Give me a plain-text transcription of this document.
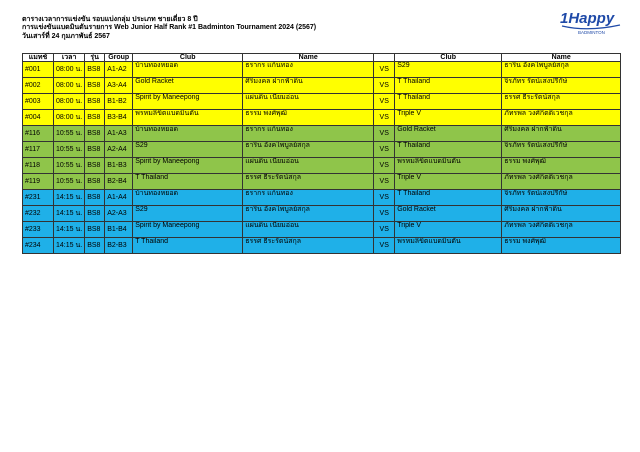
ตารางเวลาการแข่งขัน รอบแบ่งกลุ่ม ประเภท ชายเดี่ยว 8 ปี
การแข่งขันแบดมินตันรายการ Web Junior Half Rank #1 Badminton Tournament 2024 (2567)
วันเสาร์ที่ 24 กุมภาพันธ์ 2567
1Happy
BADMINTON
แมทช์	เวลา	รุ่น	Group	Club	Name		Club	Name
#001	08:00 น.	BS8	A1-A2	บ้านทองหยอด	ธรากร แก้นทอง	VS	S29	ธาริน อังคไพบูลย์สกุล
#002	08:00 น.	BS8	A3-A4	Gold Racket	ศิริมงคล ฝากฟ้าดิน	VS	T Thailand	จิรภัทร รัตน์เสงปรีกัษ์
#003	08:00 น.	BS8	B1-B2	Spirit by Maneepong	แผ่นดิน เนียมอ่อน	VS	T Thailand	ธรรศ ธีระรัตน์สกุล
#004	08:00 น.	BS8	B3-B4	พรหมลิขิตแบดมินตัน	ธรรม พงศ์พุฒิ	VS	Triple V	ภัทรพล วงศ์กิตติเวชกุล
#116	10:55 น.	BS8	A1-A3	บ้านทองหยอด	ธรากร แก้นทอง	VS	Gold Racket	ศิริมงคล ฝากฟ้าดิน
#117	10:55 น.	BS8	A2-A4	S29	ธาริน อังคไพบูลย์สกุล	VS	T Thailand	จิรภัทร รัตน์เสงปรีกัษ์
#118	10:55 น.	BS8	B1-B3	Spirit by Maneepong	แผ่นดิน เนียมอ่อน	VS	พรหมลิขิตแบดมินตัน	ธรรม พงศ์พุฒิ
#119	10:55 น.	BS8	B2-B4	T Thailand	ธรรศ ธีระรัตน์สกุล	VS	Triple V	ภัทรพล วงศ์กิตติเวชกุล
#231	14:15 น.	BS8	A1-A4	บ้านทองหยอด	ธรากร แก้นทอง	VS	T Thailand	จิรภัทร รัตน์เสงปรีกัษ์
#232	14:15 น.	BS8	A2-A3	S29	ธาริน อังคไพบูลย์สกุล	VS	Gold Racket	ศิริมงคล ฝากฟ้าดิน
#233	14:15 น.	BS8	B1-B4	Spirit by Maneepong	แผ่นดิน เนียมอ่อน	VS	Triple V	ภัทรพล วงศ์กิตติเวชกุล
#234	14:15 น.	BS8	B2-B3	T Thailand	ธรรศ ธีระรัตน์สกุล	VS	พรหมลิขิตแบดมินตัน	ธรรม พงศ์พุฒิ
